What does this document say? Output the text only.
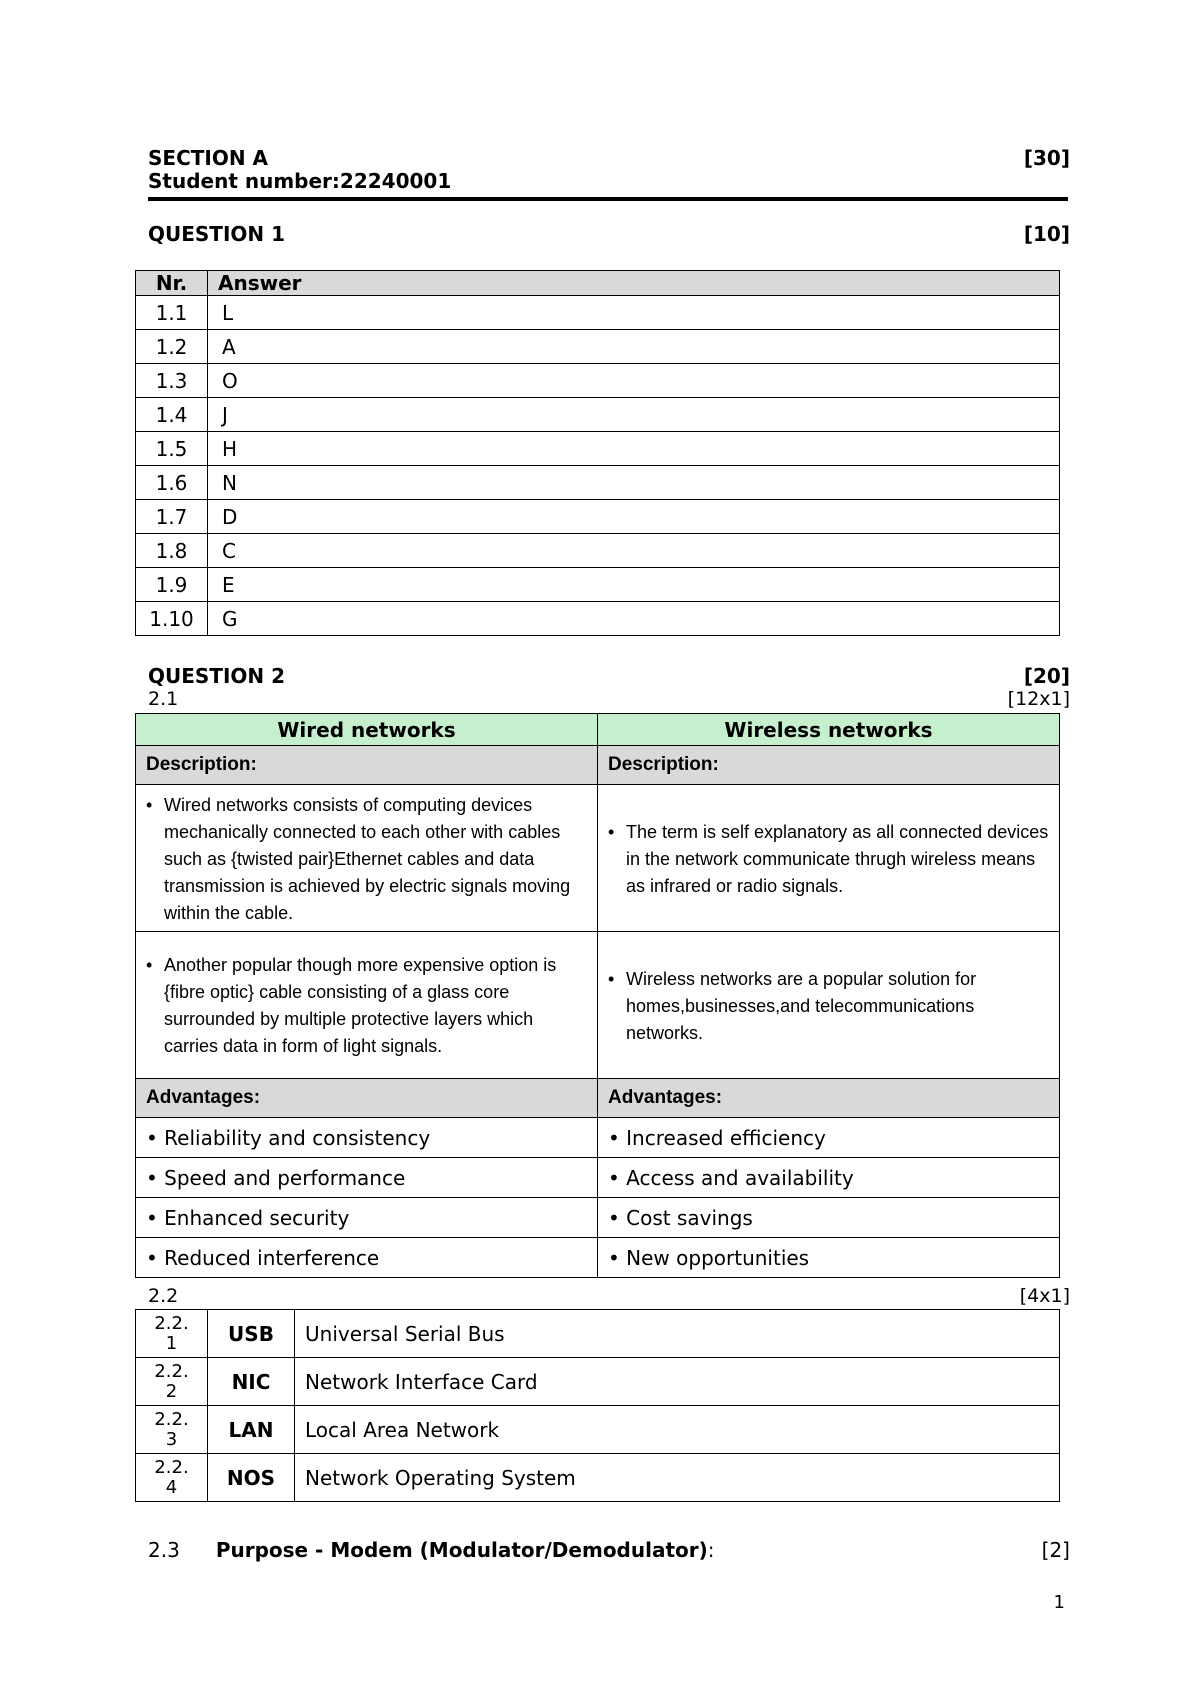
SECTION A	[30]
Student number:22240001
QUESTION 1	[10]
Nr.	Answer
1.1	L
1.2	A
1.3	O
1.4	J
1.5	H
1.6	N
1.7	D
1.8	C
1.9	E
1.10	G
QUESTION 2	[20]
2.1	[12x1]
Wired networks	Wireless networks
Description:	Description:

• Wired networks consists of computing devices mechanically connected to each other with cables such as {twisted pair}Ethernet cables and data transmission is achieved by electric signals moving within the cable.	• The term is self explanatory as all connected devices in the network communicate thrugh wireless means as infrared or radio signals.

• Another popular though more expensive option is {fibre optic} cable consisting of a glass core surrounded by multiple protective layers which carries data in form of light signals.	• Wireless networks are a popular solution for homes,businesses,and telecommunications networks.

Advantages:	Advantages:
• Reliability and consistency	• Increased efficiency
• Speed and performance	• Access and availability
• Enhanced security	• Cost savings
• Reduced interference	• New opportunities
2.2	[4x1]
2.2.
1	USB	Universal Serial Bus
2.2.
2	NIC	Network Interface Card
2.2.
3	LAN	Local Area Network
2.2.
4	NOS	Network Operating System
2.3 Purpose - Modem (Modulator/Demodulator):	[2]
1
